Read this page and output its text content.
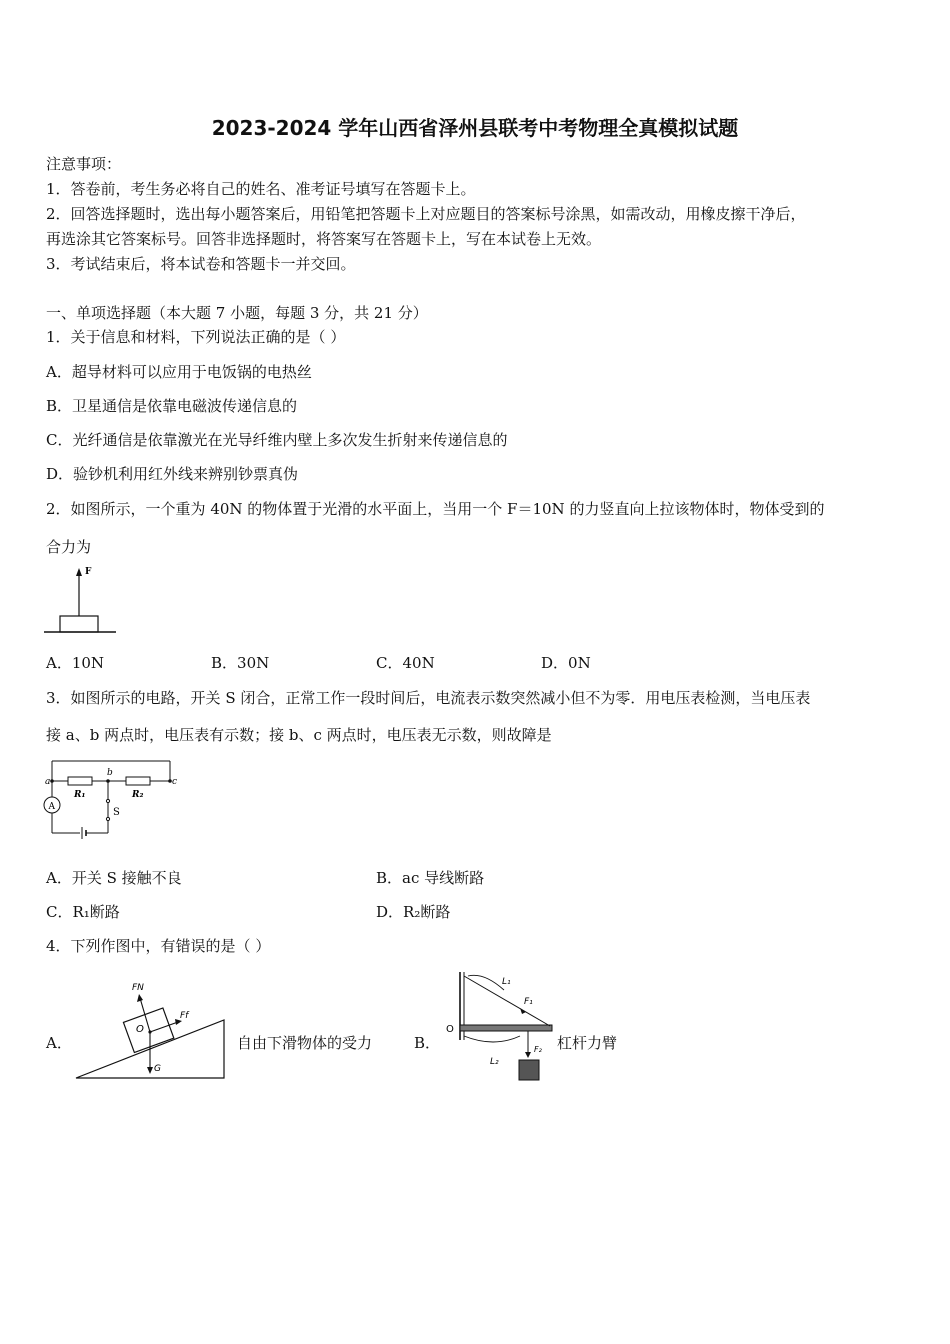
2023-2024 学年山西省泽州县联考中考物理全真模拟试题
注意事项：
1．答卷前，考生务必将自己的姓名、准考证号填写在答题卡上。
2．回答选择题时，选出每小题答案后，用铅笔把答题卡上对应题目的答案标号涂黑，如需改动，用橡皮擦干净后，
再选涂其它答案标号。回答非选择题时，将答案写在答题卡上，写在本试卷上无效。
3．考试结束后，将本试卷和答题卡一并交回。
一、单项选择题（本大题 7 小题，每题 3 分，共 21 分）
1．关于信息和材料，下列说法正确的是（ ）
A．超导材料可以应用于电饭锅的电热丝
B．卫星通信是依靠电磁波传递信息的
C．光纤通信是依靠激光在光导纤维内壁上多次发生折射来传递信息的
D．验钞机利用红外线来辨别钞票真伪
2．如图所示，一个重为 40N 的物体置于光滑的水平面上，当用一个 F＝10N 的力竖直向上拉该物体时，物体受到的
合力为
F
A．10N	B．30N	C．40N	D．0N
3．如图所示的电路，开关 S 闭合，正常工作一段时间后，电流表示数突然减小但不为零．用电压表检测，当电压表
接 a、b 两点时，电压表有示数；接 b、c 两点时，电压表无示数，则故障是
A
a
b
c
R₁	R₂
S
A．开关 S 接触不良	B．ac 导线断路
C．R₁断路	D．R₂断路
4．下列作图中，有错误的是（ ）
A．
FN
Ff
G
O
自由下滑物体的受力	B．
O
L₁
F₁
L₂
F₂ 杠杆力臂
